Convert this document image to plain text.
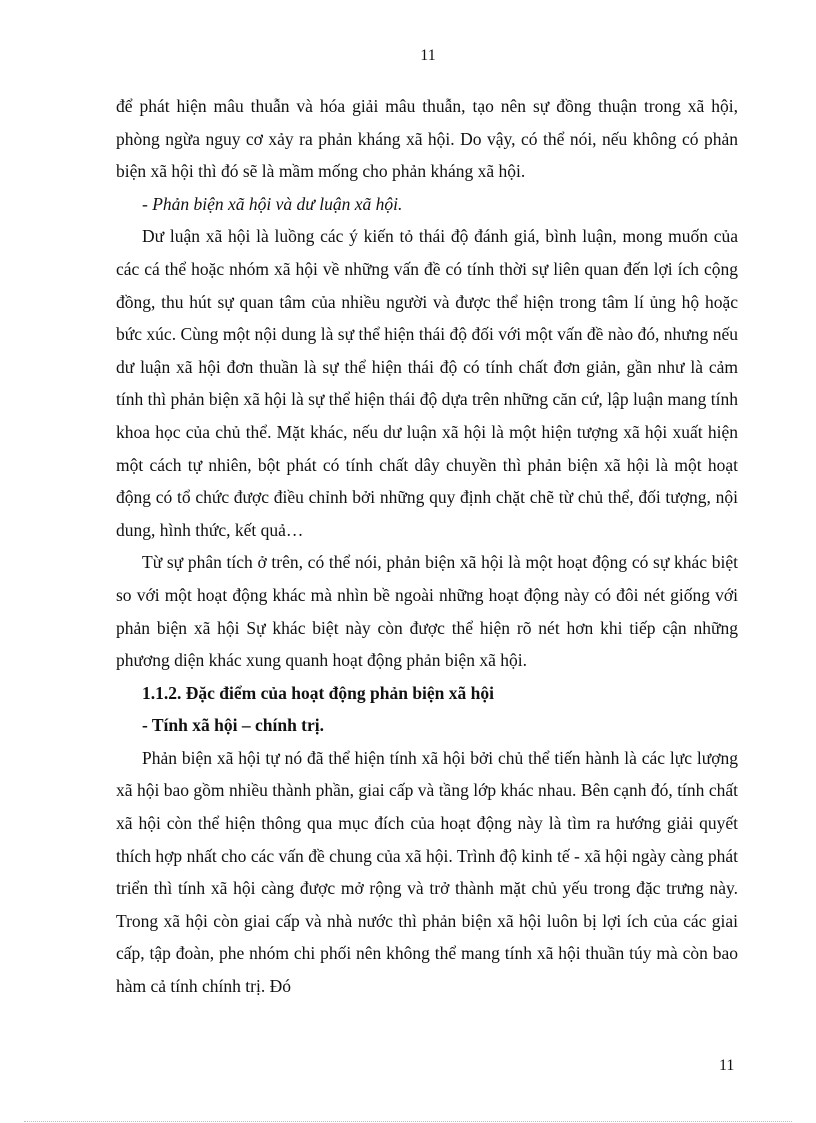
11

để phát hiện mâu thuẫn và hóa giải mâu thuẫn, tạo nên sự đồng thuận trong xã hội, phòng ngừa nguy cơ xảy ra phản kháng xã hội. Do vậy, có thể nói, nếu không có phản biện xã hội thì đó sẽ là mầm mống cho phản kháng xã hội.

- Phản biện xã hội và dư luận xã hội.

Dư luận xã hội là luồng các ý kiến tỏ thái độ đánh giá, bình luận, mong muốn của các cá thể hoặc nhóm xã hội về những vấn đề có tính thời sự liên quan đến lợi ích cộng đồng, thu hút sự quan tâm của nhiều người và được thể hiện trong tâm lí ủng hộ hoặc bức xúc. Cùng một nội dung là sự thể hiện thái độ đối với một vấn đề nào đó, nhưng nếu dư luận xã hội đơn thuần là sự thể hiện thái độ có tính chất đơn giản, gần như là cảm tính thì phản biện xã hội là sự thể hiện thái độ dựa trên những căn cứ, lập luận mang tính khoa học của chủ thể. Mặt khác, nếu dư luận xã hội là một hiện tượng xã hội xuất hiện một cách tự nhiên, bột phát có tính chất dây chuyền thì phản biện xã hội là một hoạt động có tổ chức được điều chỉnh bởi những quy định chặt chẽ từ chủ thể, đối tượng, nội dung, hình thức, kết quả…

Từ sự phân tích ở trên, có thể nói, phản biện xã hội là một hoạt động có sự khác biệt so với một hoạt động khác mà nhìn bề ngoài những hoạt động này có đôi nét giống với phản biện xã hội Sự khác biệt này còn được thể hiện rõ nét hơn khi tiếp cận những phương diện khác xung quanh hoạt động phản biện xã hội.

1.1.2. Đặc điểm của hoạt động phản biện xã hội

- Tính xã hội – chính trị.

Phản biện xã hội tự nó đã thể hiện tính xã hội bởi chủ thể tiến hành là các lực lượng xã hội bao gồm nhiều thành phần, giai cấp và tầng lớp khác nhau. Bên cạnh đó, tính chất xã hội còn thể hiện thông qua mục đích của hoạt động này là tìm ra hướng giải quyết thích hợp nhất cho các vấn đề chung của xã hội. Trình độ kinh tế - xã hội ngày càng phát triển thì tính xã hội càng được mở rộng và trở thành mặt chủ yếu trong đặc trưng này. Trong xã hội còn giai cấp và nhà nước thì phản biện xã hội luôn bị lợi ích của các giai cấp, tập đoàn, phe nhóm chi phối nên không thể mang tính xã hội thuần túy mà còn bao hàm cả tính chính trị. Đó

11
